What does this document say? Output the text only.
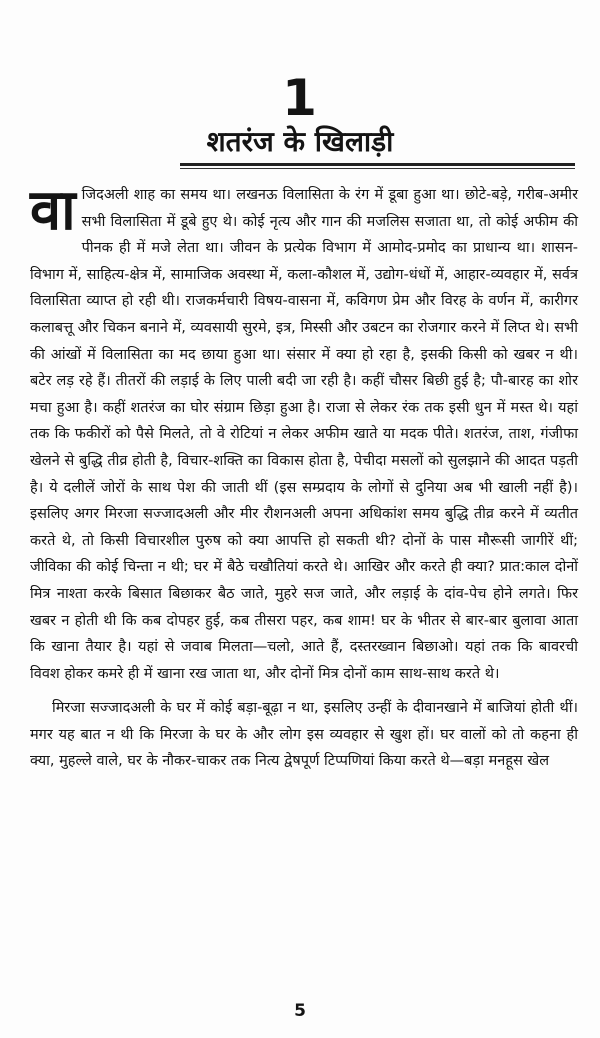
1
शतरंज के खिलाड़ी

वाजिदअली शाह का समय था। लखनऊ विलासिता के रंग में डूबा हुआ था। छोटे-बड़े, गरीब-अमीर सभी विलासिता में डूबे हुए थे। कोई नृत्य और गान की मजलिस सजाता था, तो कोई अफीम की पीनक ही में मजे लेता था। जीवन के प्रत्येक विभाग में आमोद-प्रमोद का प्राधान्य था। शासन-विभाग में, साहित्य-क्षेत्र में, सामाजिक अवस्था में, कला-कौशल में, उद्योग-धंधों में, आहार-व्यवहार में, सर्वत्र विलासिता व्याप्त हो रही थी। राजकर्मचारी विषय-वासना में, कविगण प्रेम और विरह के वर्णन में, कारीगर कलाबत्तू और चिकन बनाने में, व्यवसायी सुरमे, इत्र, मिस्सी और उबटन का रोजगार करने में लिप्त थे। सभी की आंखों में विलासिता का मद छाया हुआ था। संसार में क्या हो रहा है, इसकी किसी को खबर न थी। बटेर लड़ रहे हैं। तीतरों की लड़ाई के लिए पाली बदी जा रही है। कहीं चौसर बिछी हुई है; पौ-बारह का शोर मचा हुआ है। कहीं शतरंज का घोर संग्राम छिड़ा हुआ है। राजा से लेकर रंक तक इसी धुन में मस्त थे। यहां तक कि फकीरों को पैसे मिलते, तो वे रोटियां न लेकर अफीम खाते या मदक पीते। शतरंज, ताश, गंजीफा खेलने से बुद्धि तीव्र होती है, विचार-शक्ति का विकास होता है, पेचीदा मसलों को सुलझाने की आदत पड़ती है। ये दलीलें जोरों के साथ पेश की जाती थीं (इस सम्प्रदाय के लोगों से दुनिया अब भी खाली नहीं है)। इसलिए अगर मिरजा सज्जादअली और मीर रौशनअली अपना अधिकांश समय बुद्धि तीव्र करने में व्यतीत करते थे, तो किसी विचारशील पुरुष को क्या आपत्ति हो सकती थी? दोनों के पास मौरूसी जागीरें थीं; जीविका की कोई चिन्ता न थी; घर में बैठे चखौतियां करते थे। आखिर और करते ही क्या? प्रात:काल दोनों मित्र नाश्ता करके बिसात बिछाकर बैठ जाते, मुहरे सज जाते, और लड़ाई के दांव-पेच होने लगते। फिर खबर न होती थी कि कब दोपहर हुई, कब तीसरा पहर, कब शाम! घर के भीतर से बार-बार बुलावा आता कि खाना तैयार है। यहां से जवाब मिलता—चलो, आते हैं, दस्तरख्वान बिछाओ। यहां तक कि बावरची विवश होकर कमरे ही में खाना रख जाता था, और दोनों मित्र दोनों काम साथ-साथ करते थे।

मिरजा सज्जादअली के घर में कोई बड़ा-बूढ़ा न था, इसलिए उन्हीं के दीवानखाने में बाजियां होती थीं। मगर यह बात न थी कि मिरजा के घर के और लोग इस व्यवहार से खुश हों। घर वालों को तो कहना ही क्या, मुहल्ले वाले, घर के नौकर-चाकर तक नित्य द्वेषपूर्ण टिप्पणियां किया करते थे—बड़ा मनहूस खेल

5
